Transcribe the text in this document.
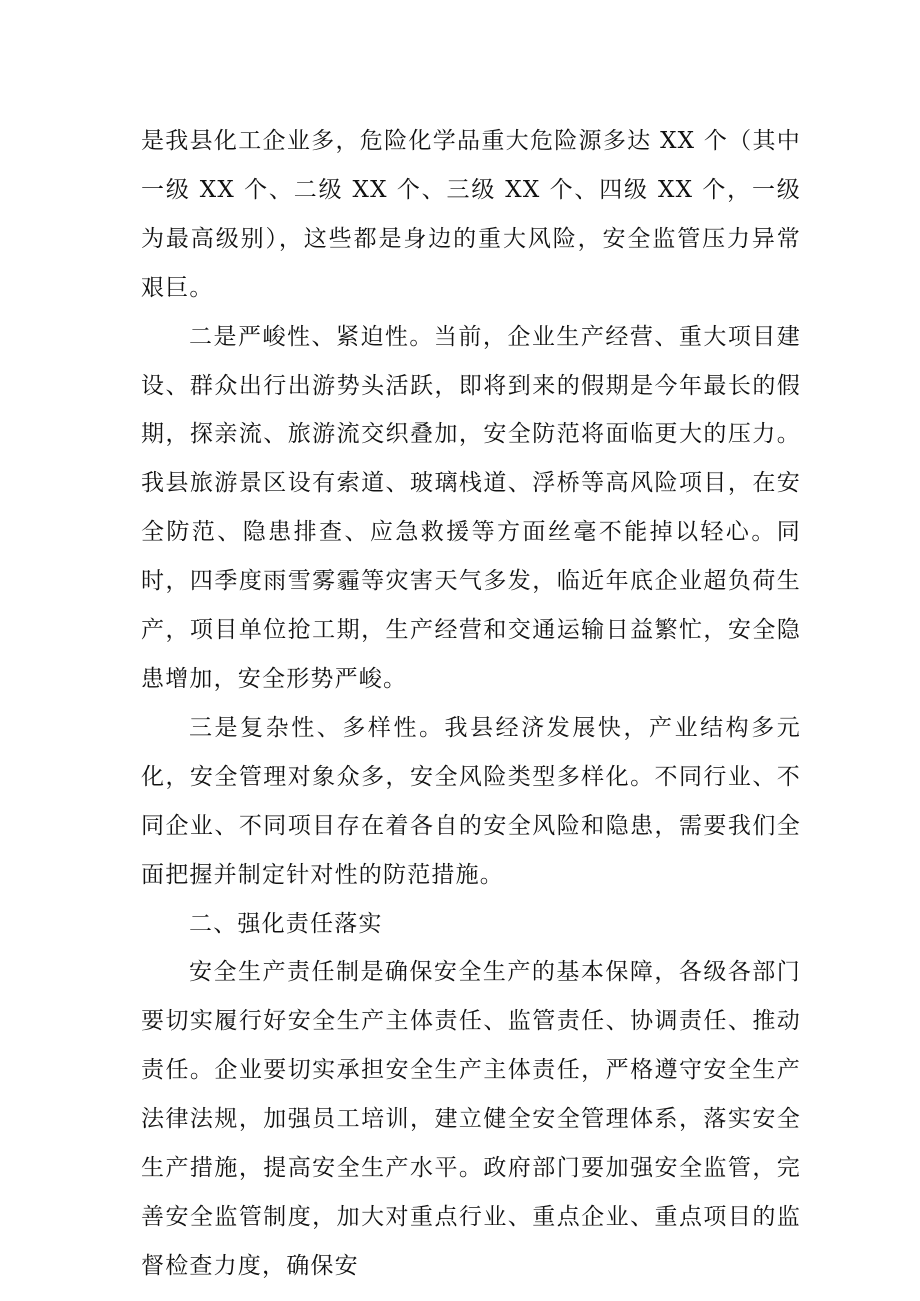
是我县化工企业多，危险化学品重大危险源多达 XX 个（其中一级 XX 个、二级 XX 个、三级 XX 个、四级 XX 个，一级为最高级别），这些都是身边的重大风险，安全监管压力异常艰巨。

二是严峻性、紧迫性。当前，企业生产经营、重大项目建设、群众出行出游势头活跃，即将到来的假期是今年最长的假期，探亲流、旅游流交织叠加，安全防范将面临更大的压力。我县旅游景区设有索道、玻璃栈道、浮桥等高风险项目，在安全防范、隐患排查、应急救援等方面丝毫不能掉以轻心。同时，四季度雨雪雾霾等灾害天气多发，临近年底企业超负荷生产，项目单位抢工期，生产经营和交通运输日益繁忙，安全隐患增加，安全形势严峻。

三是复杂性、多样性。我县经济发展快，产业结构多元化，安全管理对象众多，安全风险类型多样化。不同行业、不同企业、不同项目存在着各自的安全风险和隐患，需要我们全面把握并制定针对性的防范措施。

二、强化责任落实

安全生产责任制是确保安全生产的基本保障，各级各部门要切实履行好安全生产主体责任、监管责任、协调责任、推动责任。企业要切实承担安全生产主体责任，严格遵守安全生产法律法规，加强员工培训，建立健全安全管理体系，落实安全生产措施，提高安全生产水平。政府部门要加强安全监管，完善安全监管制度，加大对重点行业、重点企业、重点项目的监督检查力度，确保安
